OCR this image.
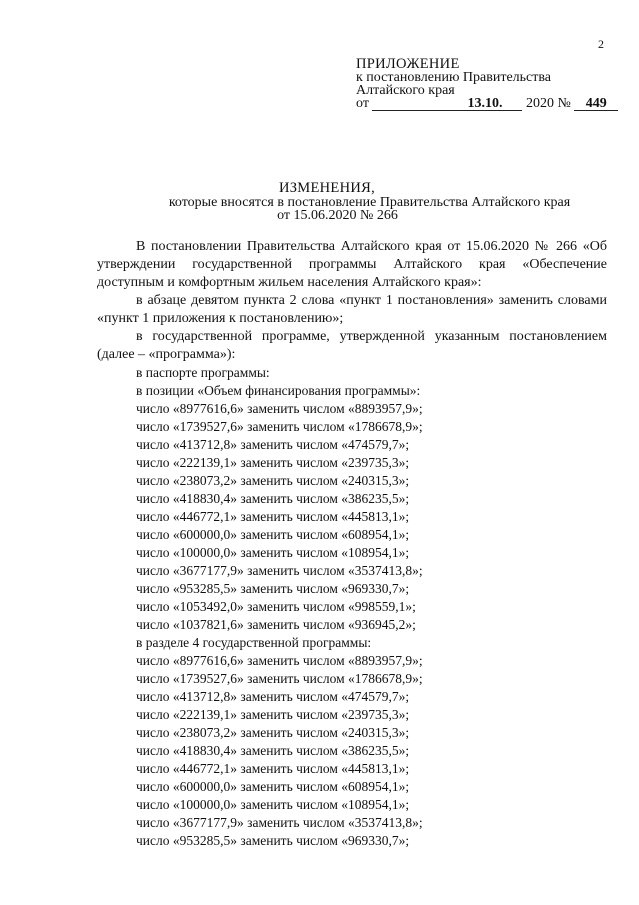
2
ПРИЛОЖЕНИЕ
к постановлению Правительства
Алтайского края
от	13.10. 2020 № 449
ИЗМЕНЕНИЯ,
которые вносятся в постановление Правительства Алтайского края
от 15.06.2020 № 266
В постановлении Правительства Алтайского края от 15.06.2020 № 266 «Об утверждении государственной программы Алтайского края «Обеспечение доступным и комфортным жильем населения Алтайского края»:
в абзаце девятом пункта 2 слова «пункт 1 постановления» заменить словами «пункт 1 приложения к постановлению»;
в государственной программе, утвержденной указанным постановлением (далее – «программа»):
в паспорте программы:
в позиции «Объем финансирования программы»:
число «8977616,6» заменить числом «8893957,9»;
число «1739527,6» заменить числом «1786678,9»;
число «413712,8» заменить числом «474579,7»;
число «222139,1» заменить числом «239735,3»;
число «238073,2» заменить числом «240315,3»;
число «418830,4» заменить числом «386235,5»;
число «446772,1» заменить числом «445813,1»;
число «600000,0» заменить числом «608954,1»;
число «100000,0» заменить числом «108954,1»;
число «3677177,9» заменить числом «3537413,8»;
число «953285,5» заменить числом «969330,7»;
число «1053492,0» заменить числом «998559,1»;
число «1037821,6» заменить числом «936945,2»;
в разделе 4 государственной программы:
число «8977616,6» заменить числом «8893957,9»;
число «1739527,6» заменить числом «1786678,9»;
число «413712,8» заменить числом «474579,7»;
число «222139,1» заменить числом «239735,3»;
число «238073,2» заменить числом «240315,3»;
число «418830,4» заменить числом «386235,5»;
число «446772,1» заменить числом «445813,1»;
число «600000,0» заменить числом «608954,1»;
число «100000,0» заменить числом «108954,1»;
число «3677177,9» заменить числом «3537413,8»;
число «953285,5» заменить числом «969330,7»;
